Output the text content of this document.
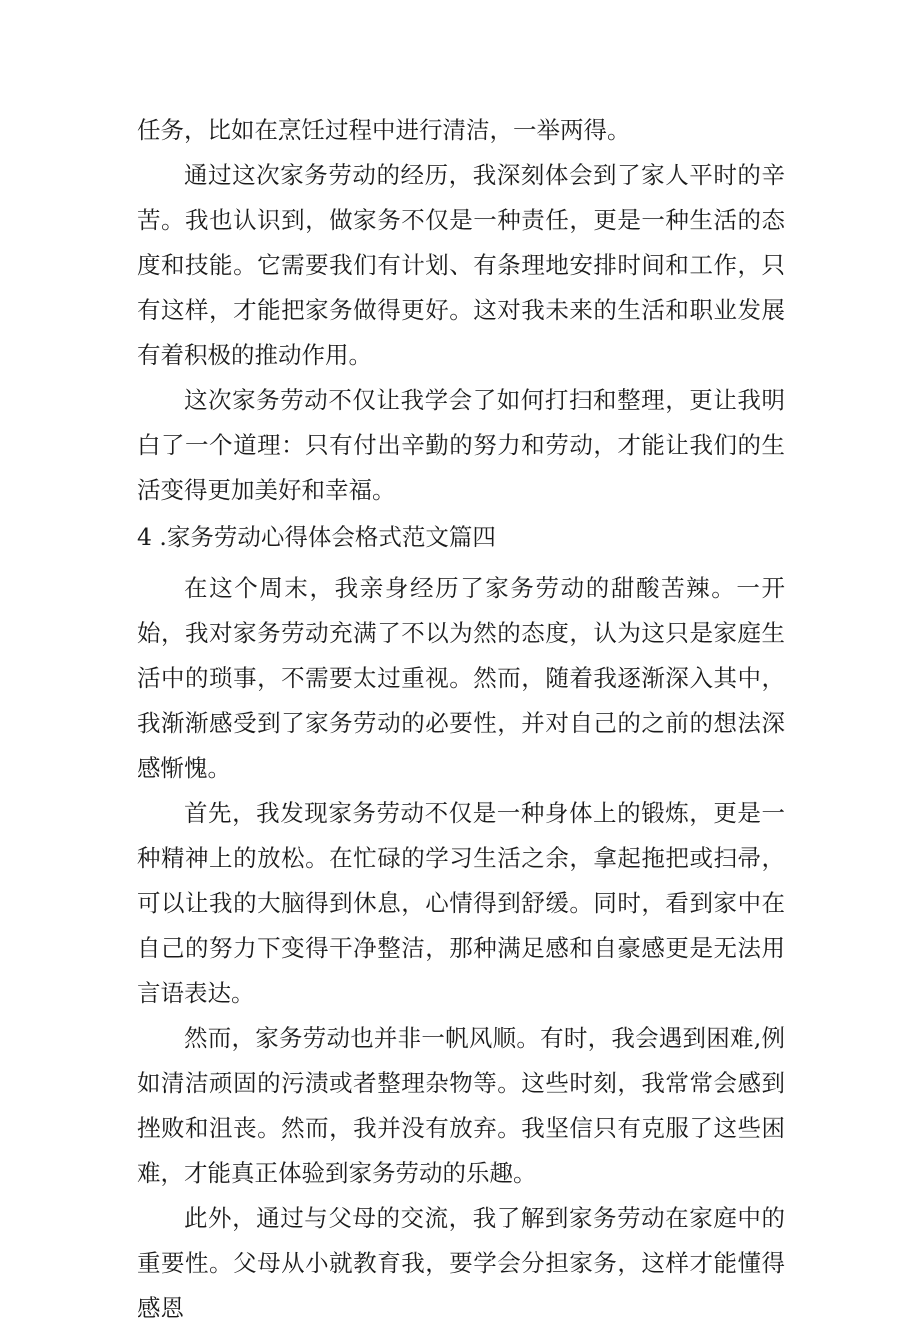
任务，比如在烹饪过程中进行清洁，一举两得。

通过这次家务劳动的经历，我深刻体会到了家人平时的辛苦。我也认识到，做家务不仅是一种责任，更是一种生活的态度和技能。它需要我们有计划、有条理地安排时间和工作，只有这样，才能把家务做得更好。这对我未来的生活和职业发展有着积极的推动作用。

这次家务劳动不仅让我学会了如何打扫和整理，更让我明白了一个道理：只有付出辛勤的努力和劳动，才能让我们的生活变得更加美好和幸福。

4 .家务劳动心得体会格式范文篇四

在这个周末，我亲身经历了家务劳动的甜酸苦辣。一开始，我对家务劳动充满了不以为然的态度，认为这只是家庭生活中的琐事，不需要太过重视。然而，随着我逐渐深入其中，我渐渐感受到了家务劳动的必要性，并对自己的之前的想法深感惭愧。

首先，我发现家务劳动不仅是一种身体上的锻炼，更是一种精神上的放松。在忙碌的学习生活之余，拿起拖把或扫帚，可以让我的大脑得到休息，心情得到舒缓。同时，看到家中在自己的努力下变得干净整洁，那种满足感和自豪感更是无法用言语表达。

然而，家务劳动也并非一帆风顺。有时，我会遇到困难,例如清洁顽固的污渍或者整理杂物等。这些时刻，我常常会感到挫败和沮丧。然而，我并没有放弃。我坚信只有克服了这些困难，才能真正体验到家务劳动的乐趣。

此外，通过与父母的交流，我了解到家务劳动在家庭中的重要性。父母从小就教育我，要学会分担家务，这样才能懂得感恩
